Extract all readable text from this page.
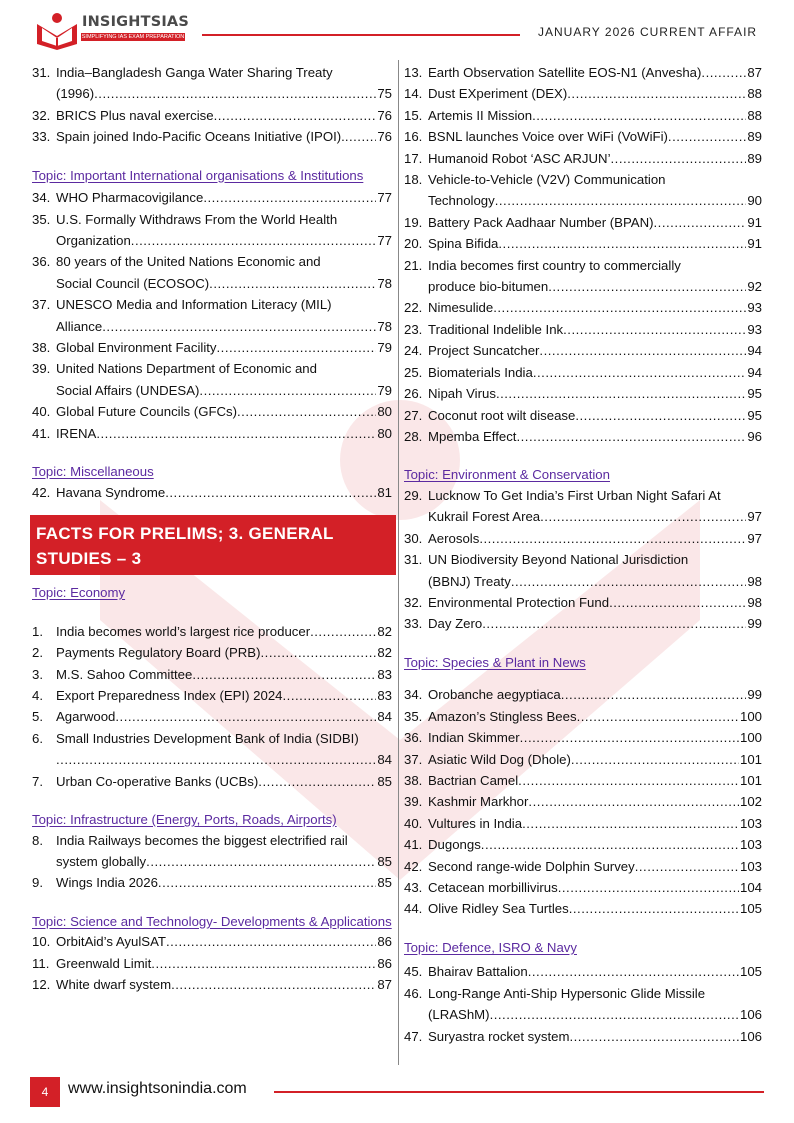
INSIGHTSIAS
SIMPLIFYING IAS EXAM PREPARATION	JANUARY 2026 CURRENT AFFAIR
31. India–Bangladesh Ganga Water Sharing Treaty
(1996) .....	75
32. BRICS Plus naval exercise .....	76
33. Spain joined Indo-Pacific Oceans Initiative (IPOI). ..... 76
Topic: Important International organisations & Institutions
34. WHO Pharmacovigilance .....	77
35. U.S. Formally Withdraws From the World Health
Organization .....	77
36. 80 years of the United Nations Economic and
Social Council (ECOSOC) .....	78
37. UNESCO Media and Information Literacy (MIL)
Alliance .....	78
38. Global Environment Facility .....	79
39. United Nations Department of Economic and
Social Affairs (UNDESA) .....	79
40. Global Future Councils (GFCs) .....	80
41. IRENA .....	80
Topic: Miscellaneous
42. Havana Syndrome .....	81
FACTS FOR PRELIMS; 3. GENERAL STUDIES – 3
Topic: Economy
1. India becomes world’s largest rice producer .....	82
2. Payments Regulatory Board (PRB) .....	82
3. M.S. Sahoo Committee .....	83
4. Export Preparedness Index (EPI) 2024 .....	83
5. Agarwood .....	84
6. Small Industries Development Bank of India (SIDBI)
.....
84
7. Urban Co-operative Banks (UCBs) .....	85
Topic: Infrastructure (Energy, Ports, Roads, Airports)
8. India Railways becomes the biggest electrified rail
system globally .....	85
9. Wings India 2026 .....	85
Topic: Science and Technology- Developments & Applications
10. OrbitAid’s AyulSAT .....	86
11. Greenwald Limit .....	86
12. White dwarf system .....	87
13. Earth Observation Satellite EOS-N1 (Anvesha) .....	87
14. Dust EXperiment (DEX) .....	88
15. Artemis II Mission .....	88
16. BSNL launches Voice over WiFi (VoWiFi) .....	89
17. Humanoid Robot ‘ASC ARJUN’ .....	89
18. Vehicle-to-Vehicle (V2V) Communication
Technology .....	90
19. Battery Pack Aadhaar Number (BPAN) .....	91
20. Spina Bifida .....	91
21. India becomes first country to commercially
produce bio-bitumen .....	92
22. Nimesulide .....	93
23. Traditional Indelible Ink .....	93
24. Project Suncatcher .....	94
25. Biomaterials India .....	94
26. Nipah Virus .....	95
27. Coconut root wilt disease .....	95
28. Mpemba Effect .....	96
Topic: Environment & Conservation
29. Lucknow To Get India’s First Urban Night Safari At
Kukrail Forest Area .....	97
30. Aerosols .....	97
31. UN Biodiversity Beyond National Jurisdiction
(BBNJ) Treaty .....	98
32. Environmental Protection Fund .....	98
33. Day Zero .....	99
Topic: Species & Plant in News
34. Orobanche aegyptiaca .....	99
35. Amazon’s Stingless Bees .....	100
36. Indian Skimmer .....	100
37. Asiatic Wild Dog (Dhole) .....	101
38. Bactrian Camel .....	101
39. Kashmir Markhor .....	102
40. Vultures in India .....	103
41. Dugongs .....	103
42. Second range-wide Dolphin Survey .....	103
43. Cetacean morbillivirus .....	104
44. Olive Ridley Sea Turtles .....	105
Topic: Defence, ISRO & Navy
45. Bhairav Battalion .....	105
46. Long-Range Anti-Ship Hypersonic Glide Missile
(LRAShM) .....	106
47. Suryastra rocket system .....	106
4	www.insightsonindia.com
